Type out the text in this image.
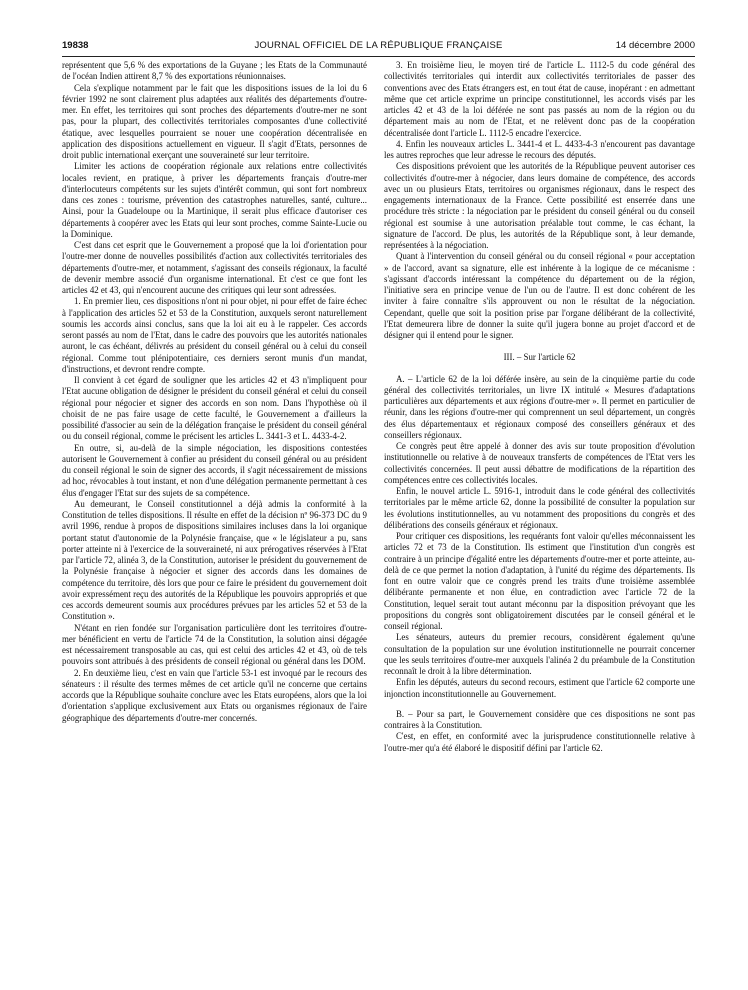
19838	JOURNAL OFFICIEL DE LA RÉPUBLIQUE FRANÇAISE	14 décembre 2000

représentent que 5,6 % des exportations de la Guyane ; les Etats de la Communauté de l'océan Indien attirent 8,7 % des exportations réunionnaises.

Cela s'explique notamment par le fait que les dispositions issues de la loi du 6 février 1992 ne sont clairement plus adaptées aux réalités des départements d'outre-mer. En effet, les territoires qui sont proches des départements d'outre-mer ne sont pas, pour la plupart, des collectivités territoriales composantes d'une collectivité étatique, avec lesquelles pourraient se nouer une coopération décentralisée en application des dispositions actuellement en vigueur. Il s'agit d'Etats, personnes de droit public international exerçant une souveraineté sur leur territoire.

Limiter les actions de coopération régionale aux relations entre collectivités locales revient, en pratique, à priver les départements français d'outre-mer d'interlocuteurs compétents sur les sujets d'intérêt commun, qui sont fort nombreux dans ces zones : tourisme, prévention des catastrophes naturelles, santé, culture... Ainsi, pour la Guadeloupe ou la Martinique, il serait plus efficace d'autoriser ces départements à coopérer avec les Etats qui leur sont proches, comme Sainte-Lucie ou la Dominique.

C'est dans cet esprit que le Gouvernement a proposé que la loi d'orientation pour l'outre-mer donne de nouvelles possibilités d'action aux collectivités territoriales des départements d'outre-mer, et notamment, s'agissant des conseils régionaux, la faculté de devenir membre associé d'un organisme international. Et c'est ce que font les articles 42 et 43, qui n'encourent aucune des critiques qui leur sont adressées.

1. En premier lieu, ces dispositions n'ont ni pour objet, ni pour effet de faire échec à l'application des articles 52 et 53 de la Constitution, auxquels seront naturellement soumis les accords ainsi conclus, sans que la loi ait eu à le rappeler. Ces accords seront passés au nom de l'Etat, dans le cadre des pouvoirs que les autorités nationales auront, le cas échéant, délivrés au président du conseil général ou à celui du conseil régional. Comme tout plénipotentiaire, ces derniers seront munis d'un mandat, d'instructions, et devront rendre compte.

Il convient à cet égard de souligner que les articles 42 et 43 n'impliquent pour l'Etat aucune obligation de désigner le président du conseil général et celui du conseil régional pour négocier et signer des accords en son nom. Dans l'hypothèse où il choisit de ne pas faire usage de cette faculté, le Gouvernement a d'ailleurs la possibilité d'associer au sein de la délégation française le président du conseil général ou du conseil régional, comme le précisent les articles L. 3441-3 et L. 4433-4-2.

En outre, si, au-delà de la simple négociation, les dispositions contestées autorisent le Gouvernement à confier au président du conseil général ou au président du conseil régional le soin de signer des accords, il s'agit nécessairement de missions ad hoc, révocables à tout instant, et non d'une délégation permanente permettant à ces élus d'engager l'Etat sur des sujets de sa compétence.

Au demeurant, le Conseil constitutionnel a déjà admis la conformité à la Constitution de telles dispositions. Il résulte en effet de la décision nº 96-373 DC du 9 avril 1996, rendue à propos de dispositions similaires incluses dans la loi organique portant statut d'autonomie de la Polynésie française, que « le législateur a pu, sans porter atteinte ni à l'exercice de la souveraineté, ni aux prérogatives réservées à l'Etat par l'article 72, alinéa 3, de la Constitution, autoriser le président du gouvernement de la Polynésie française à négocier et signer des accords dans les domaines de compétence du territoire, dès lors que pour ce faire le président du gouvernement doit avoir expressément reçu des autorités de la République les pouvoirs appropriés et que ces accords demeurent soumis aux procédures prévues par les articles 52 et 53 de la Constitution ».

N'étant en rien fondée sur l'organisation particulière dont les territoires d'outre-mer bénéficient en vertu de l'article 74 de la Constitution, la solution ainsi dégagée est nécessairement transposable au cas, qui est celui des articles 42 et 43, où de tels pouvoirs sont attribués à des présidents de conseil régional ou général dans les DOM.

2. En deuxième lieu, c'est en vain que l'article 53-1 est invoqué par le recours des sénateurs : il résulte des termes mêmes de cet article qu'il ne concerne que certains accords que la République souhaite conclure avec les Etats européens, alors que la loi d'orientation s'applique exclusivement aux Etats ou organismes régionaux de l'aire géographique des départements d'outre-mer concernés.

3. En troisième lieu, le moyen tiré de l'article L. 1112-5 du code général des collectivités territoriales qui interdit aux collectivités territoriales de passer des conventions avec des Etats étrangers est, en tout état de cause, inopérant : en admettant même que cet article exprime un principe constitutionnel, les accords visés par les articles 42 et 43 de la loi déférée ne sont pas passés au nom de la région ou du département mais au nom de l'Etat, et ne relèvent donc pas de la coopération décentralisée dont l'article L. 1112-5 encadre l'exercice.

4. Enfin les nouveaux articles L. 3441-4 et L. 4433-4-3 n'encourent pas davantage les autres reproches que leur adresse le recours des députés.

Ces dispositions prévoient que les autorités de la République peuvent autoriser ces collectivités d'outre-mer à négocier, dans leurs domaine de compétence, des accords avec un ou plusieurs Etats, territoires ou organismes régionaux, dans le respect des engagements internationaux de la France. Cette possibilité est enserrée dans une procédure très stricte : la négociation par le président du conseil général ou du conseil régional est soumise à une autorisation préalable tout comme, le cas échant, la signature de l'accord. De plus, les autorités de la République sont, à leur demande, représentées à la négociation.

Quant à l'intervention du conseil général ou du conseil régional « pour acceptation » de l'accord, avant sa signature, elle est inhérente à la logique de ce mécanisme : s'agissant d'accords intéressant la compétence du département ou de la région, l'initiative sera en principe venue de l'un ou de l'autre. Il est donc cohérent de les inviter à faire connaître s'ils approuvent ou non le résultat de la négociation. Cependant, quelle que soit la position prise par l'organe délibérant de la collectivité, l'Etat demeurera libre de donner la suite qu'il jugera bonne au projet d'accord et de désigner qui il entend pour le signer.

III. – Sur l'article 62

A. – L'article 62 de la loi déférée insère, au sein de la cinquième partie du code général des collectivités territoriales, un livre IX intitulé « Mesures d'adaptations particulières aux départements et aux régions d'outre-mer ». Il permet en particulier de réunir, dans les régions d'outre-mer qui comprennent un seul département, un congrès des élus départementaux et régionaux composé des conseillers généraux et des conseillers régionaux.

Ce congrès peut être appelé à donner des avis sur toute proposition d'évolution institutionnelle ou relative à de nouveaux transferts de compétences de l'Etat vers les collectivités concernées. Il peut aussi débattre de modifications de la répartition des compétences entre ces collectivités locales.

Enfin, le nouvel article L. 5916-1, introduit dans le code général des collectivités territoriales par le même article 62, donne la possibilité de consulter la population sur les évolutions institutionnelles, au vu notamment des propositions du congrès et des délibérations des conseils généraux et régionaux.

Pour critiquer ces dispositions, les requérants font valoir qu'elles méconnaissent les articles 72 et 73 de la Constitution. Ils estiment que l'institution d'un congrès est contraire à un principe d'égalité entre les départements d'outre-mer et porte atteinte, au-delà de ce que permet la notion d'adaptation, à l'unité du régime des départements. Ils font en outre valoir que ce congrès prend les traits d'une troisième assemblée délibérante permanente et non élue, en contradiction avec l'article 72 de la Constitution, lequel serait tout autant méconnu par la disposition prévoyant que les propositions du congrès sont obligatoirement discutées par le conseil général et le conseil régional.

Les sénateurs, auteurs du premier recours, considèrent également qu'une consultation de la population sur une évolution institutionnelle ne pourrait concerner que les seuls territoires d'outre-mer auxquels l'alinéa 2 du préambule de la Constitution reconnaît le droit à la libre détermination.

Enfin les députés, auteurs du second recours, estiment que l'article 62 comporte une injonction inconstitutionnelle au Gouvernement.

B. – Pour sa part, le Gouvernement considère que ces dispositions ne sont pas contraires à la Constitution.

C'est, en effet, en conformité avec la jurisprudence constitutionnelle relative à l'outre-mer qu'a été élaboré le dispositif défini par l'article 62.
